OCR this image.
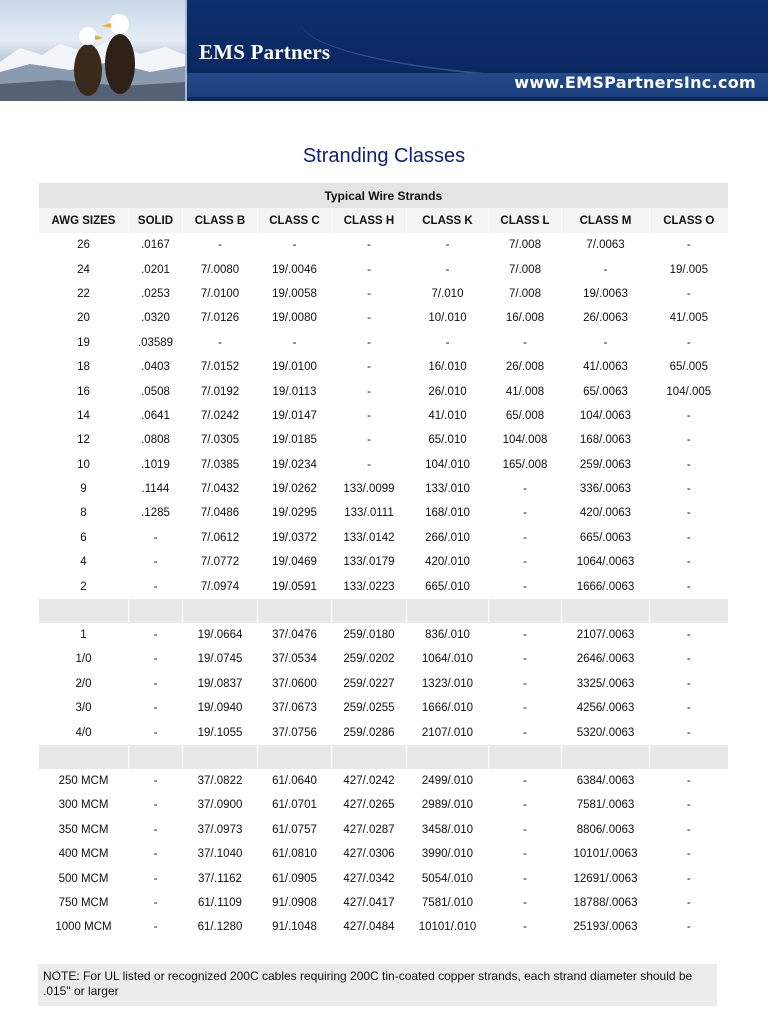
EMS Partners
www.EMSPartnersInc.com
Stranding Classes
Typical Wire Strands								
AWG SIZES	SOLID	CLASS B	CLASS C	CLASS H	CLASS K	CLASS L	CLASS M	CLASS O
26	.0167	-	-	-	-	7/.008	7/.0063	-
24	.0201	7/.0080	19/.0046	-	-	7/.008	-	19/.005
22	.0253	7/.0100	19/.0058	-	7/.010	7/.008	19/.0063	-
20	.0320	7/.0126	19/.0080	-	10/.010	16/.008	26/.0063	41/.005
19	.03589	-	-	-	-	-	-	-
18	.0403	7/.0152	19/.0100	-	16/.010	26/.008	41/.0063	65/.005
16	.0508	7/.0192	19/.0113	-	26/.010	41/.008	65/.0063	104/.005
14	.0641	7/.0242	19/.0147	-	41/.010	65/.008	104/.0063	-
12	.0808	7/.0305	19/.0185	-	65/.010	104/.008	168/.0063	-
10	.1019	7/.0385	19/.0234	-	104/.010	165/.008	259/.0063	-
9	.1144	7/.0432	19/.0262	133/.0099	133/.010	-	336/.0063	-
8	.1285	7/.0486	19/.0295	133/.0111	168/.010	-	420/.0063	-
6	-	7/.0612	19/.0372	133/.0142	266/.010	-	665/.0063	-
4	-	7/.0772	19/.0469	133/.0179	420/.010	-	1064/.0063	-
2	-	7/.0974	19/.0591	133/.0223	665/.010	-	1666/.0063	-

1	-	19/.0664	37/.0476	259/.0180	836/.010	-	2107/.0063	-
1/0	-	19/.0745	37/.0534	259/.0202	1064/.010	-	2646/.0063	-
2/0	-	19/.0837	37/.0600	259/.0227	1323/.010	-	3325/.0063	-
3/0	-	19/.0940	37/.0673	259/.0255	1666/.010	-	4256/.0063	-
4/0	-	19/.1055	37/.0756	259/.0286	2107/.010	-	5320/.0063	-

250 MCM	-	37/.0822	61/.0640	427/.0242	2499/.010	-	6384/.0063	-
300 MCM	-	37/.0900	61/.0701	427/.0265	2989/.010	-	7581/.0063	-
350 MCM	-	37/.0973	61/.0757	427/.0287	3458/.010	-	8806/.0063	-
400 MCM	-	37/.1040	61/.0810	427/.0306	3990/.010	-	10101/.0063	-
500 MCM	-	37/.1162	61/.0905	427/.0342	5054/.010	-	12691/.0063	-
750 MCM	-	61/.1109	91/.0908	427/.0417	7581/.010	-	18788/.0063	-
1000 MCM	-	61/.1280	91/.1048	427/.0484	10101/.010	-	25193/.0063	-
NOTE: For UL listed or recognized 200C cables requiring 200C tin-coated copper strands, each strand diameter should be .015" or larger
